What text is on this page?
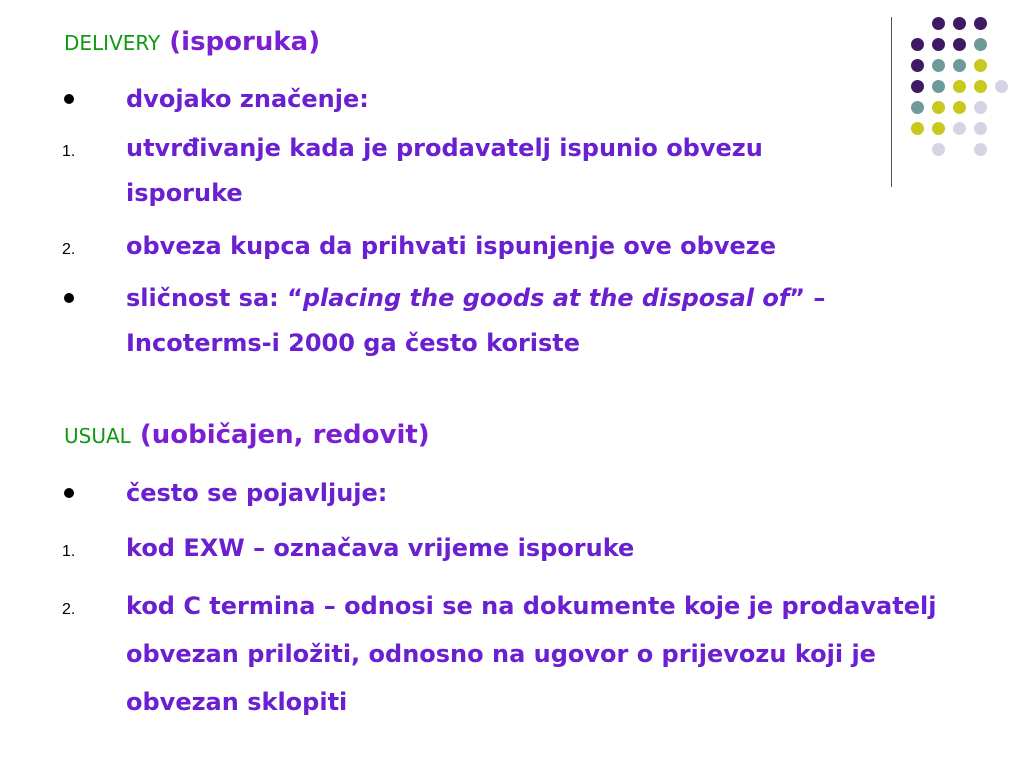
DELIVERY (isporuka)
dvojako značenje:
1. utvrđivanje kada je prodavatelj ispunio obvezu isporuke
2. obveza kupca da prihvati ispunjenje ove obveze
sličnost sa: “placing the goods at the disposal of” – Incoterms-i 2000 ga često koriste
USUAL (uobičajen, redovit)
često se pojavljuje:
1. kod EXW – označava vrijeme isporuke
2. kod C termina – odnosi se na dokumente koje je prodavatelj obvezan priložiti, odnosno na ugovor o prijevozu koji je obvezan sklopiti
